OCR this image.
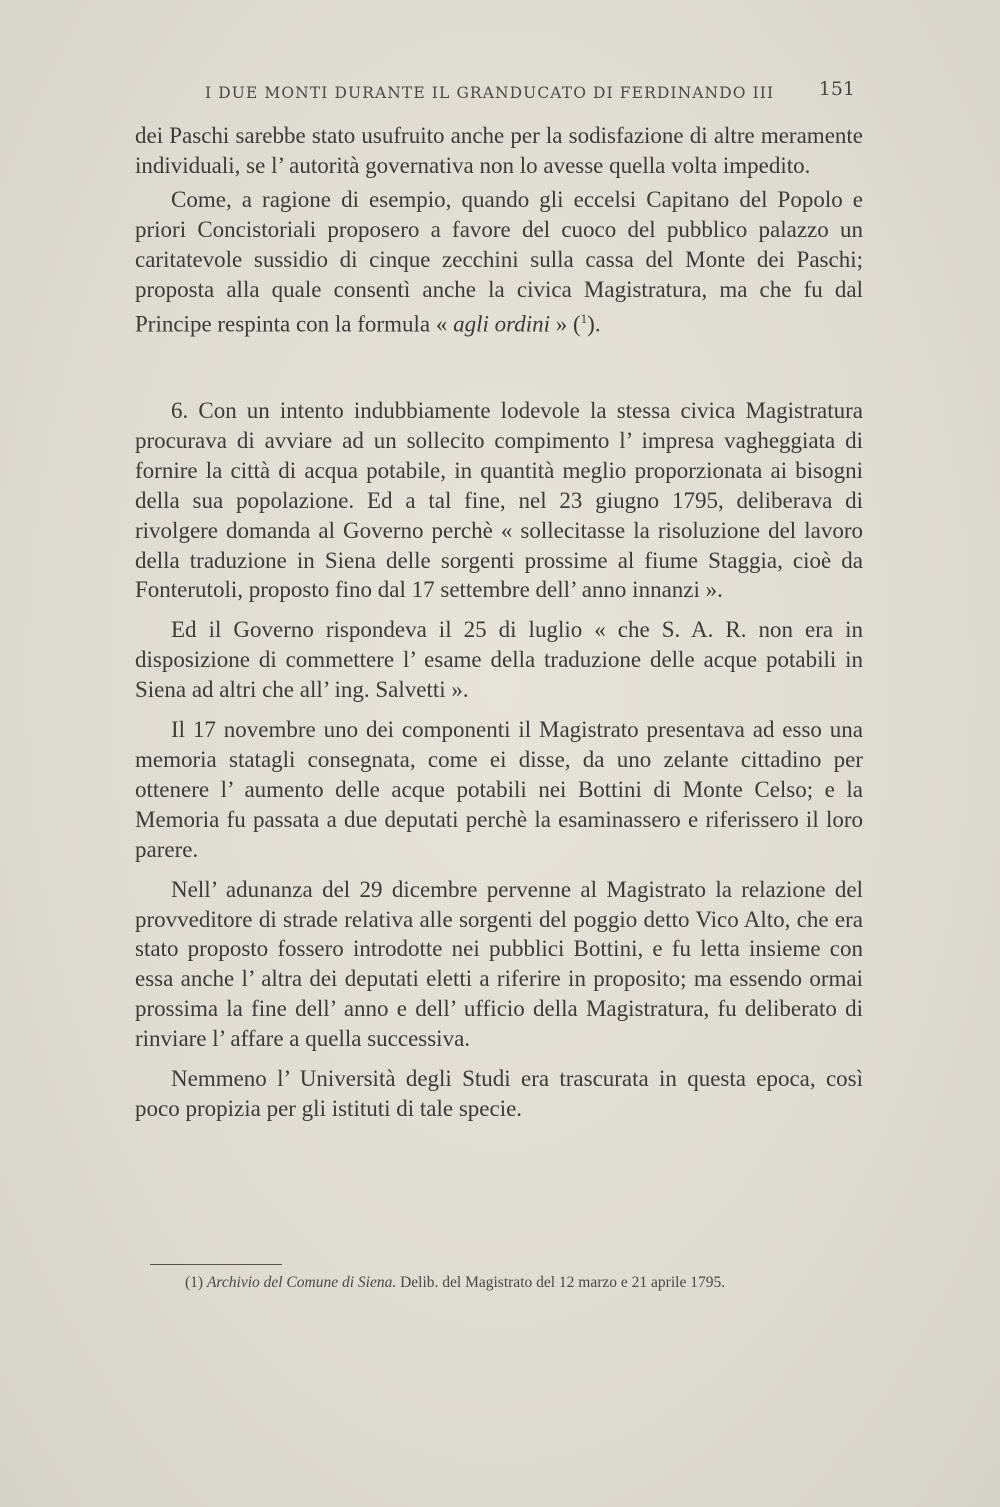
I DUE MONTI DURANTE IL GRANDUCATO DI FERDINANDO III 151

dei Paschi sarebbe stato usufruito anche per la sodisfazione di altre meramente individuali, se l’ autorità governativa non lo avesse quella volta impedito.

Come, a ragione di esempio, quando gli eccelsi Capitano del Popolo e priori Concistoriali proposero a favore del cuoco del pubblico palazzo un caritatevole sussidio di cinque zecchini sulla cassa del Monte dei Paschi; proposta alla quale consentì anche la civica Magistratura, ma che fu dal Principe respinta con la formula « agli ordini » ($^1$).

6. Con un intento indubbiamente lodevole la stessa civica Magistratura procurava di avviare ad un sollecito compimento l’ impresa vagheggiata di fornire la città di acqua potabile, in quantità meglio proporzionata ai bisogni della sua popolazione. Ed a tal fine, nel 23 giugno 1795, deliberava di rivolgere domanda al Governo perchè « sollecitasse la risoluzione del lavoro della traduzione in Siena delle sorgenti prossime al fiume Staggia, cioè da Fonterutoli, proposto fino dal 17 settembre dell’ anno innanzi ».

Ed il Governo rispondeva il 25 di luglio « che S. A. R. non era in disposizione di commettere l’ esame della traduzione delle acque potabili in Siena ad altri che all’ ing. Salvetti ».

Il 17 novembre uno dei componenti il Magistrato presentava ad esso una memoria statagli consegnata, come ei disse, da uno zelante cittadino per ottenere l’ aumento delle acque potabili nei Bottini di Monte Celso; e la Memoria fu passata a due deputati perchè la esaminassero e riferissero il loro parere.

Nell’ adunanza del 29 dicembre pervenne al Magistrato la relazione del provveditore di strade relativa alle sorgenti del poggio detto Vico Alto, che era stato proposto fossero introdotte nei pubblici Bottini, e fu letta insieme con essa anche l’ altra dei deputati eletti a riferire in proposito; ma essendo ormai prossima la fine dell’ anno e dell’ ufficio della Magistratura, fu deliberato di rinviare l’ affare a quella successiva.

Nemmeno l’ Università degli Studi era trascurata in questa epoca, così poco propizia per gli istituti di tale specie.

(1) Archivio del Comune di Siena. Delib. del Magistrato del 12 marzo e 21 aprile 1795.
